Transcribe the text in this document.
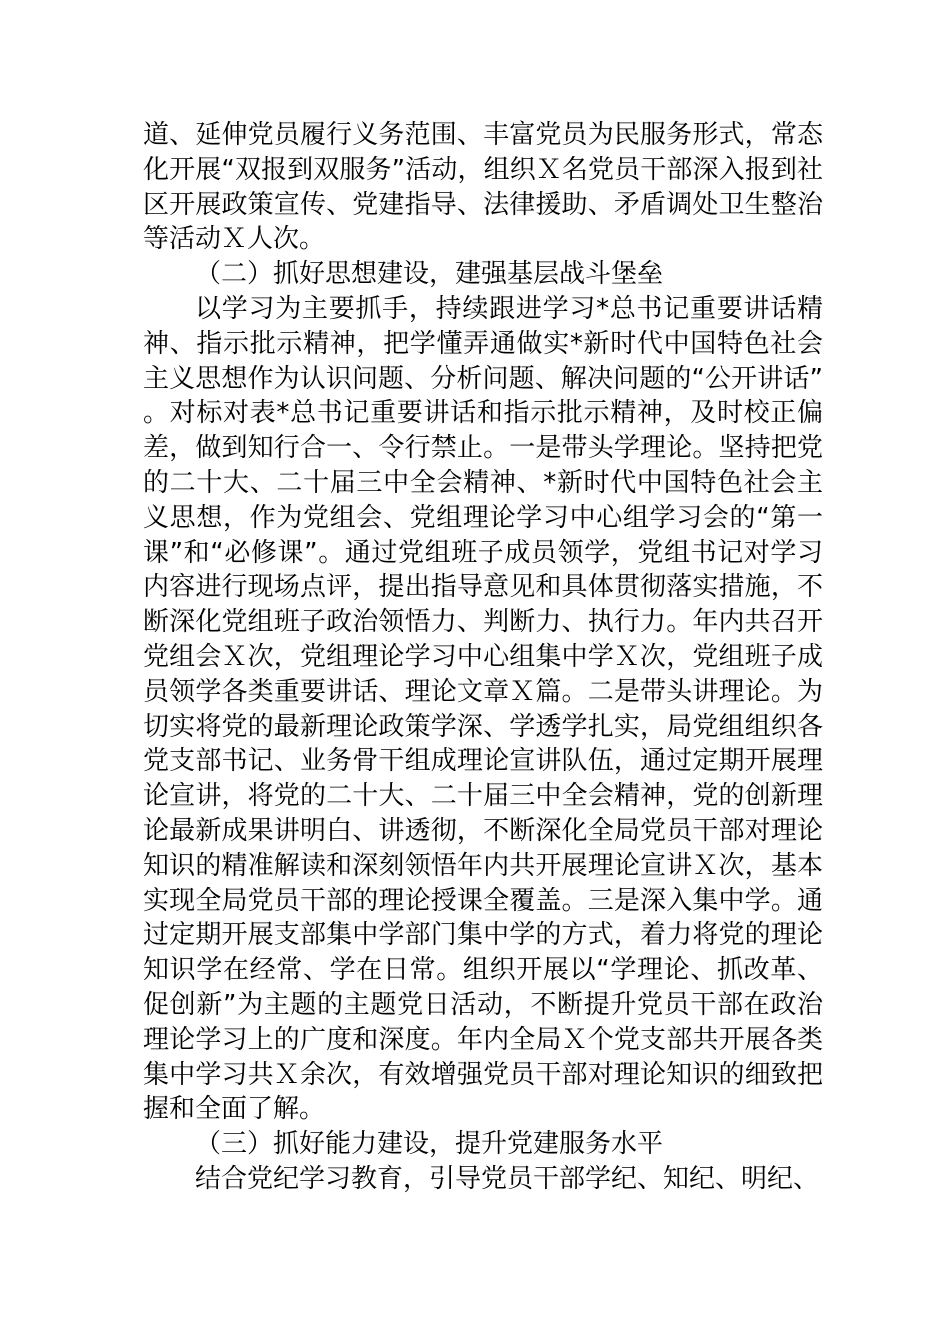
道、延伸党员履行义务范围、丰富党员为民服务形式，常态化开展“双报到双服务”活动，组织Ｘ名党员干部深入报到社区开展政策宣传、党建指导、法律援助、矛盾调处卫生整治等活动Ｘ人次。

（二）抓好思想建设，建强基层战斗堡垒

以学习为主要抓手，持续跟进学习*总书记重要讲话精神、指示批示精神，把学懂弄通做实*新时代中国特色社会主义思想作为认识问题、分析问题、解决问题的“公开讲话”。对标对表*总书记重要讲话和指示批示精神，及时校正偏差，做到知行合一、令行禁止。一是带头学理论。坚持把党的二十大、二十届三中全会精神、*新时代中国特色社会主义思想，作为党组会、党组理论学习中心组学习会的“第一课”和“必修课”。通过党组班子成员领学，党组书记对学习内容进行现场点评，提出指导意见和具体贯彻落实措施，不断深化党组班子政治领悟力、判断力、执行力。年内共召开党组会Ｘ次，党组理论学习中心组集中学Ｘ次，党组班子成员领学各类重要讲话、理论文章Ｘ篇。二是带头讲理论。为切实将党的最新理论政策学深、学透学扎实，局党组组织各党支部书记、业务骨干组成理论宣讲队伍，通过定期开展理论宣讲，将党的二十大、二十届三中全会精神，党的创新理论最新成果讲明白、讲透彻，不断深化全局党员干部对理论知识的精准解读和深刻领悟年内共开展理论宣讲Ｘ次，基本实现全局党员干部的理论授课全覆盖。三是深入集中学。通过定期开展支部集中学部门集中学的方式，着力将党的理论知识学在经常、学在日常。组织开展以“学理论、抓改革、促创新”为主题的主题党日活动，不断提升党员干部在政治理论学习上的广度和深度。年内全局Ｘ个党支部共开展各类集中学习共Ｘ余次，有效增强党员干部对理论知识的细致把握和全面了解。

（三）抓好能力建设，提升党建服务水平

结合党纪学习教育，引导党员干部学纪、知纪、明纪、
